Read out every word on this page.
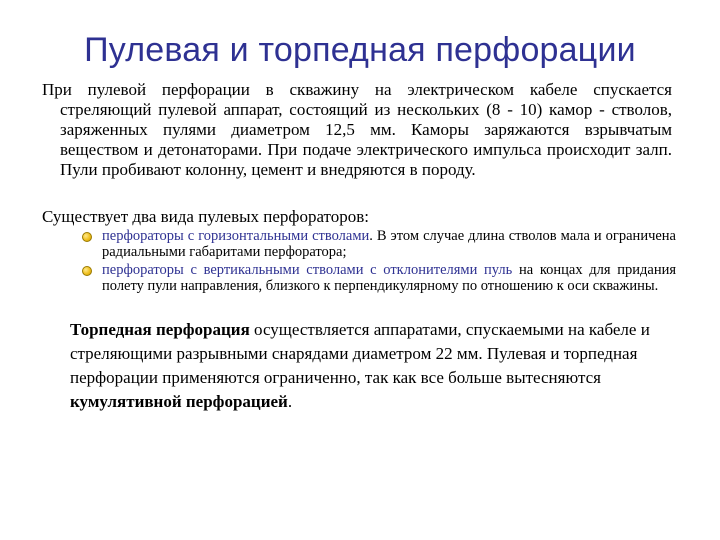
Пулевая и торпедная перфорации
При пулевой перфорации в скважину на электрическом кабеле спускается стреляющий пулевой аппарат, состоящий из нескольких (8 - 10) камор - стволов, заряженных пулями диаметром 12,5 мм. Каморы заряжаются взрывчатым веществом и детонаторами. При подаче электрического импульса происходит залп. Пули пробивают колонну, цемент и внедряются в породу.
Существует два вида пулевых перфораторов:
перфораторы с горизонтальными стволами. В этом случае длина стволов мала и ограничена радиальными габаритами перфоратора;
перфораторы с вертикальными стволами с отклонителями пуль на концах для придания полету пули направления, близкого к перпендикулярному по отношению к оси скважины.
Торпедная перфорация осуществляется аппаратами, спускаемыми на кабеле и стреляющими разрывными снарядами диаметром 22 мм. Пулевая и торпедная перфорации применяются ограниченно, так как все больше вытесняются кумулятивной перфорацией.
